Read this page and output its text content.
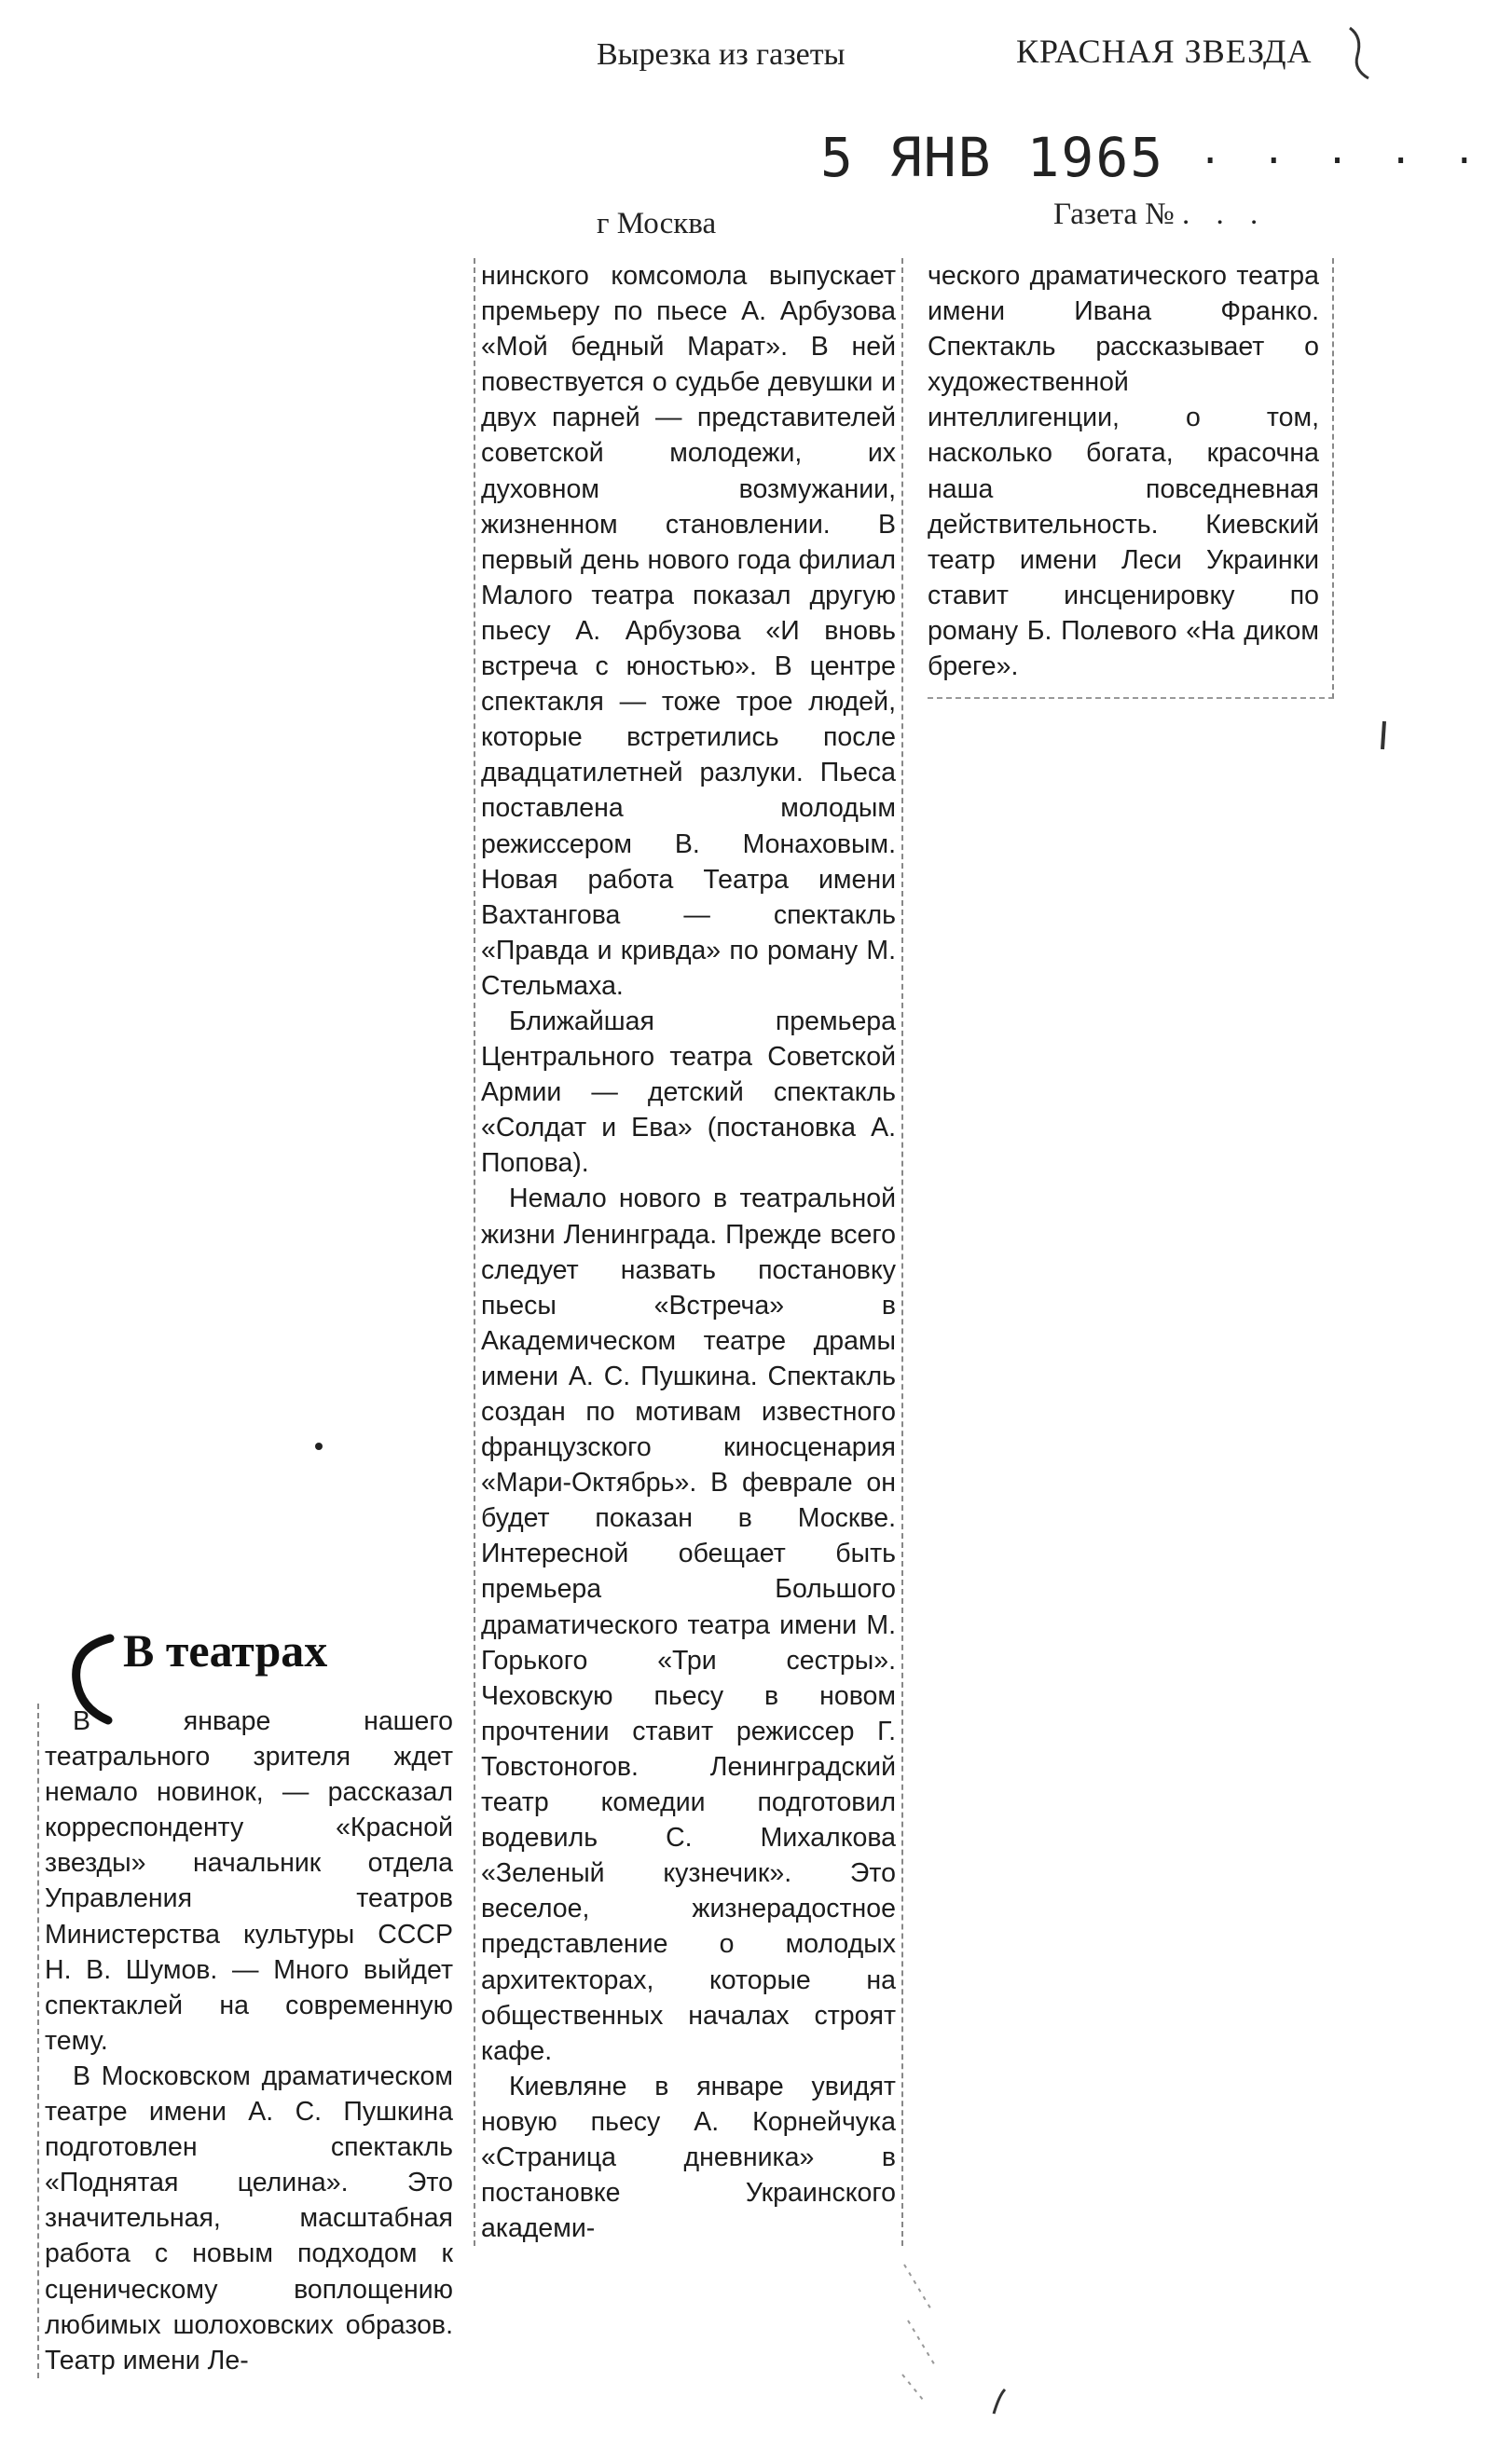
Вырезка из газеты	КРАСНАЯ ЗВЕЗДА
5 ЯНВ 1965 · · · · ·
г Москва	Газета № . . .
В театрах

В январе нашего театрального зрителя ждет немало новинок, — рассказал корреспонденту «Красной звезды» начальник отдела Управления театров Министерства культуры СССР Н. В. Шумов. — Много выйдет спектаклей на современную тему.

В Московском драматическом театре имени А. С. Пушкина подготовлен спектакль «Поднятая целина». Это значительная, масштабная работа с новым подходом к сценическому воплощению любимых шолоховских образов. Театр имени Ле-

нинского комсомола выпускает премьеру по пьесе А. Арбузова «Мой бедный Марат». В ней повествуется о судьбе девушки и двух парней — представителей советской молодежи, их духовном возмужании, жизненном становлении. В первый день нового года филиал Малого театра показал другую пьесу А. Арбузова «И вновь встреча с юностью». В центре спектакля — тоже трое людей, которые встретились после двадцатилетней разлуки. Пьеса поставлена молодым режиссером В. Монаховым. Новая работа Театра имени Вахтангова — спектакль «Правда и кривда» по роману М. Стельмаха.

Ближайшая премьера Центрального театра Советской Армии — детский спектакль «Солдат и Ева» (постановка А. Попова).

Немало нового в театральной жизни Ленинграда. Прежде всего следует назвать постановку пьесы «Встреча» в Академическом театре драмы имени А. С. Пушкина. Спектакль создан по мотивам известного французского киносценария «Мари-Октябрь». В феврале он будет показан в Москве. Интересной обещает быть премьера Большого драматического театра имени М. Горького «Три сестры». Чеховскую пьесу в новом прочтении ставит режиссер Г. Товстоногов. Ленинградский театр комедии подготовил водевиль С. Михалкова «Зеленый кузнечик». Это веселое, жизнерадостное представление о молодых архитекторах, которые на общественных началах строят кафе.

Киевляне в январе увидят новую пьесу А. Корнейчука «Страница дневника» в постановке Украинского академи-

ческого драматического театра имени Ивана Франко. Спектакль рассказывает о художественной интеллигенции, о том, насколько богата, красочна наша повседневная действительность. Киевский театр имени Леси Украинки ставит инсценировку по роману Б. Полевого «На диком бреге».
